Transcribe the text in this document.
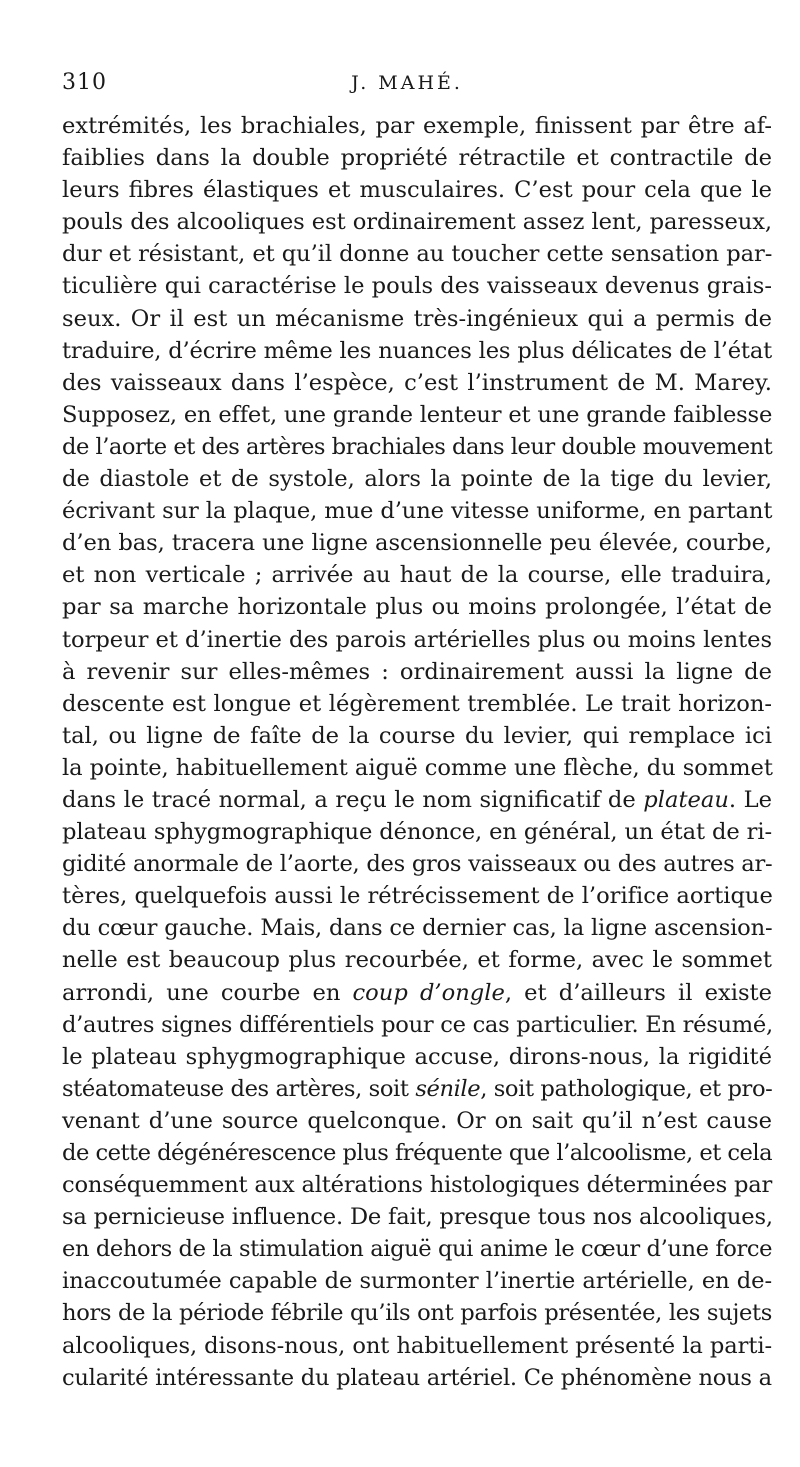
310	J. MAHÉ.
extrémités, les brachiales, par exemple, finissent par être af-
faiblies dans la double propriété rétractile et contractile de
leurs fibres élastiques et musculaires. C’est pour cela que le
pouls des alcooliques est ordinairement assez lent, paresseux,
dur et résistant, et qu’il donne au toucher cette sensation par-
ticulière qui caractérise le pouls des vaisseaux devenus grais-
seux. Or il est un mécanisme très-ingénieux qui a permis de
traduire, d’écrire même les nuances les plus délicates de l’état
des vaisseaux dans l’espèce, c’est l’instrument de M. Marey.
Supposez, en effet, une grande lenteur et une grande faiblesse
de l’aorte et des artères brachiales dans leur double mouvement
de diastole et de systole, alors la pointe de la tige du levier,
écrivant sur la plaque, mue d’une vitesse uniforme, en partant
d’en bas, tracera une ligne ascensionnelle peu élevée, courbe,
et non verticale ; arrivée au haut de la course, elle traduira,
par sa marche horizontale plus ou moins prolongée, l’état de
torpeur et d’inertie des parois artérielles plus ou moins lentes
à revenir sur elles-mêmes : ordinairement aussi la ligne de
descente est longue et légèrement tremblée. Le trait horizon-
tal, ou ligne de faîte de la course du levier, qui remplace ici
la pointe, habituellement aiguë comme une flèche, du sommet
dans le tracé normal, a reçu le nom significatif de plateau. Le
plateau sphygmographique dénonce, en général, un état de ri-
gidité anormale de l’aorte, des gros vaisseaux ou des autres ar-
tères, quelquefois aussi le rétrécissement de l’orifice aortique
du cœur gauche. Mais, dans ce dernier cas, la ligne ascension-
nelle est beaucoup plus recourbée, et forme, avec le sommet
arrondi, une courbe en coup d’ongle, et d’ailleurs il existe
d’autres signes différentiels pour ce cas particulier. En résumé,
le plateau sphygmographique accuse, dirons-nous, la rigidité
stéatomateuse des artères, soit sénile, soit pathologique, et pro-
venant d’une source quelconque. Or on sait qu’il n’est cause
de cette dégénérescence plus fréquente que l’alcoolisme, et cela
conséquemment aux altérations histologiques déterminées par
sa pernicieuse influence. De fait, presque tous nos alcooliques,
en dehors de la stimulation aiguë qui anime le cœur d’une force
inaccoutumée capable de surmonter l’inertie artérielle, en de-
hors de la période fébrile qu’ils ont parfois présentée, les sujets
alcooliques, disons-nous, ont habituellement présenté la parti-
cularité intéressante du plateau artériel. Ce phénomène nous a
